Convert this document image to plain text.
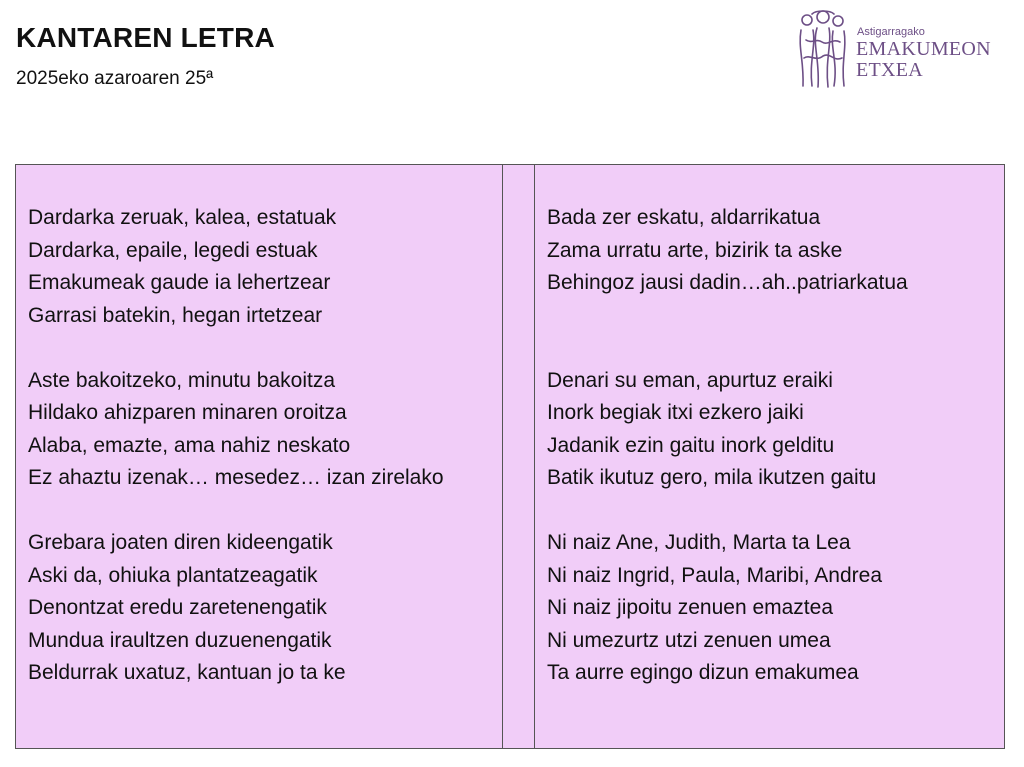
KANTAREN LETRA

2025eko azaroaren 25ª

Astigarragako
EMAKUMEON
ETXEA
Dardarka zeruak, kalea, estatuak
Dardarka, epaile, legedi estuak
Emakumeak gaude ia lehertzear
Garrasi batekin, hegan irtetzear
Aste bakoitzeko, minutu bakoitza
Hildako ahizparen minaren oroitza
Alaba, emazte, ama nahiz neskato
Ez ahaztu izenak… mesedez… izan zirelako
Grebara joaten diren kideengatik
Aski da, ohiuka plantatzeagatik
Denontzat eredu zaretenengatik
Mundua iraultzen duzuenengatik
Beldurrak uxatuz, kantuan jo ta ke
Bada zer eskatu, aldarrikatua
Zama urratu arte, bizirik ta aske
Behingoz jausi dadin…ah..patriarkatua
Denari su eman, apurtuz eraiki
Inork begiak itxi ezkero jaiki
Jadanik ezin gaitu inork gelditu
Batik ikutuz gero, mila ikutzen gaitu
Ni naiz Ane, Judith, Marta ta Lea
Ni naiz Ingrid, Paula, Maribi, Andrea
Ni naiz jipoitu zenuen emaztea
Ni umezurtz utzi zenuen umea
Ta aurre egingo dizun emakumea
